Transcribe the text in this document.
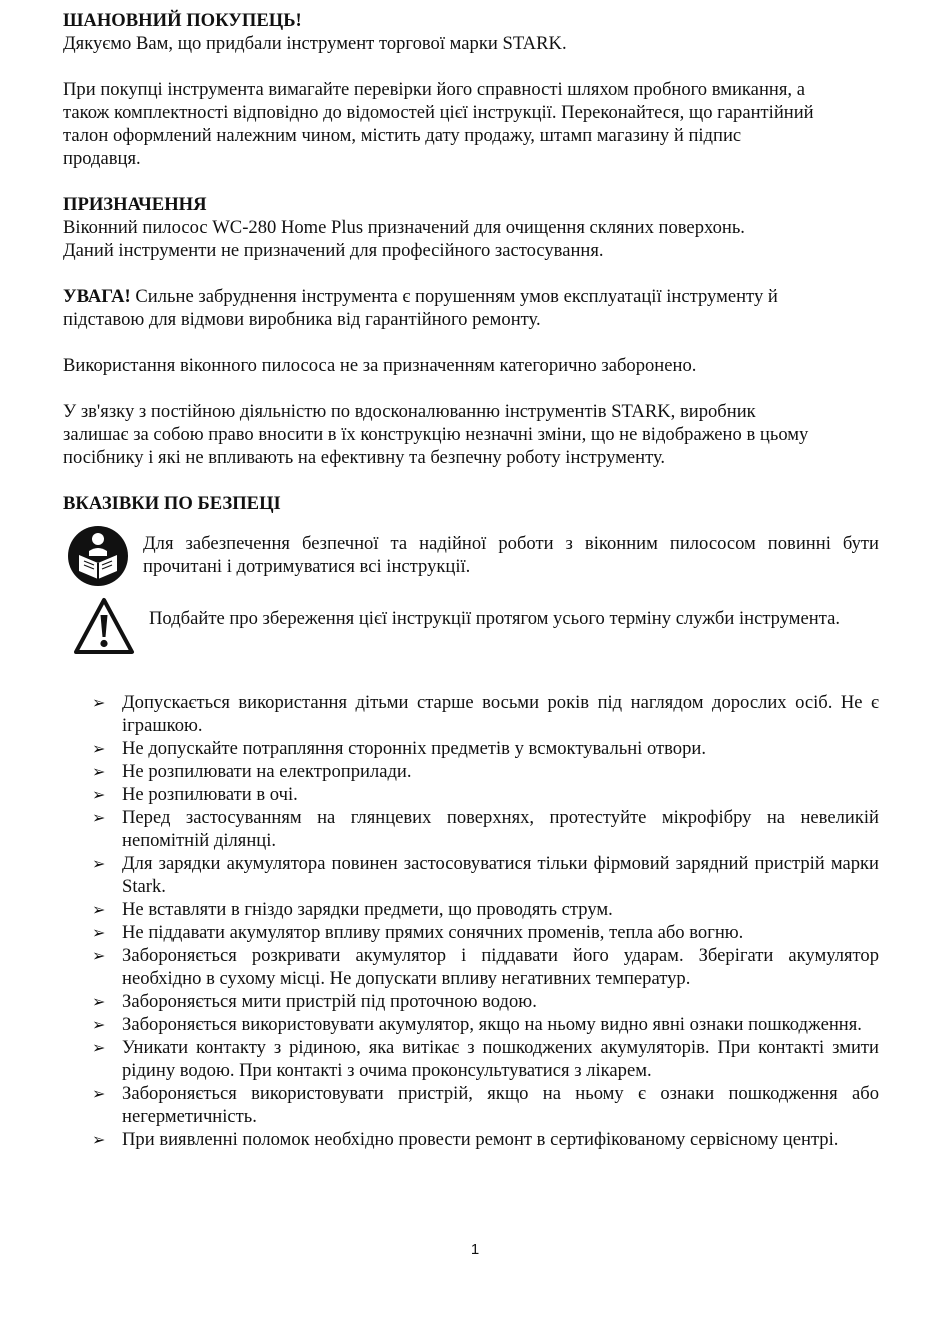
ШАНОВНИЙ ПОКУПЕЦЬ!

Дякуємо Вам, що придбали інструмент торгової марки STARK.

При покупці інструмента вимагайте перевірки його справності шляхом пробного вмикання, а

також комплектності відповідно до відомостей цієї інструкції. Переконайтеся, що гарантійний

талон оформлений належним чином, містить дату продажу, штамп магазину й підпис

продавця.

ПРИЗНАЧЕННЯ

Віконний пилосос WC-280 Home Plus призначений для очищення скляних поверхонь.

Даний інструменти не призначений для професійного застосування.

УВАГА! Сильне забруднення інструмента є порушенням умов експлуатації інструменту й

підставою для відмови виробника від гарантійного ремонту.

Використання віконного пилососа не за призначенням категорично заборонено.

У зв'язку з постійною діяльністю по вдосконалюванню інструментів STARK, виробник

залишає за собою право вносити в їх конструкцію незначні зміни, що не відображено в цьому

посібнику і які не впливають на ефективну та безпечну роботу інструменту.

ВКАЗІВКИ ПО БЕЗПЕЦІ

Для забезпечення безпечної та надійної роботи з віконним пилососом повинні бути прочитані і дотримуватися всі інструкції.

Подбайте про збереження цієї інструкції протягом усього терміну служби інструмента.

➢ Допускається використання дітьми старше восьми років під наглядом дорослих осіб. Не є іграшкою.
➢ Не допускайте потрапляння сторонніх предметів у всмоктувальні отвори.
➢ Не розпилювати на електроприлади.
➢ Не розпилювати в очі.
➢ Перед застосуванням на глянцевих поверхнях, протестуйте мікрофібру на невеликій непомітній ділянці.
➢ Для зарядки акумулятора повинен застосовуватися тільки фірмовий зарядний пристрій марки Stark.
➢ Не вставляти в гніздо зарядки предмети, що проводять струм.
➢ Не піддавати акумулятор впливу прямих сонячних променів, тепла або вогню.
➢ Забороняється розкривати акумулятор і піддавати його ударам. Зберігати акумулятор необхідно в сухому місці. Не допускати впливу негативних температур.
➢ Забороняється мити пристрій під проточною водою.
➢ Забороняється використовувати акумулятор, якщо на ньому видно явні ознаки пошкодження.
➢ Уникати контакту з рідиною, яка витікає з пошкоджених акумуляторів. При контакті змити рідину водою. При контакті з очима проконсультуватися з лікарем.
➢ Забороняється використовувати пристрій, якщо на ньому є ознаки пошкодження або негерметичність.
➢ При виявленні поломок необхідно провести ремонт в сертифікованому сервісному центрі.
1
